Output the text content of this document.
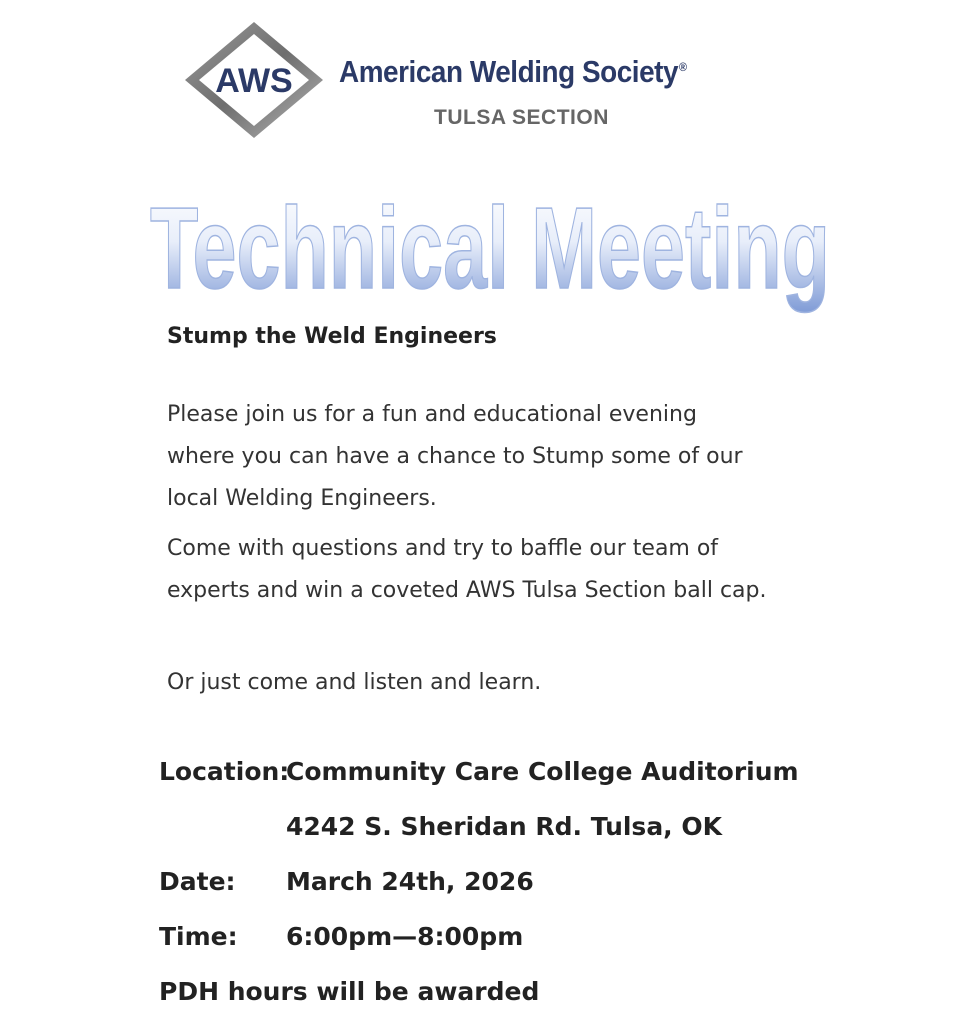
AWS American Welding Society®
TULSA SECTION
Technical Meeting
Stump the Weld Engineers
Please join us for a fun and educational evening where you can have a chance to Stump some of our local Welding Engineers.
Come with questions and try to baffle our team of experts and win a coveted AWS Tulsa Section ball cap.
Or just come and listen and learn.
Location:
Community Care College Auditorium
4242 S. Sheridan Rd. Tulsa, OK
Date: March 24th, 2026
Time: 6:00pm—8:00pm
PDH hours will be awarded
